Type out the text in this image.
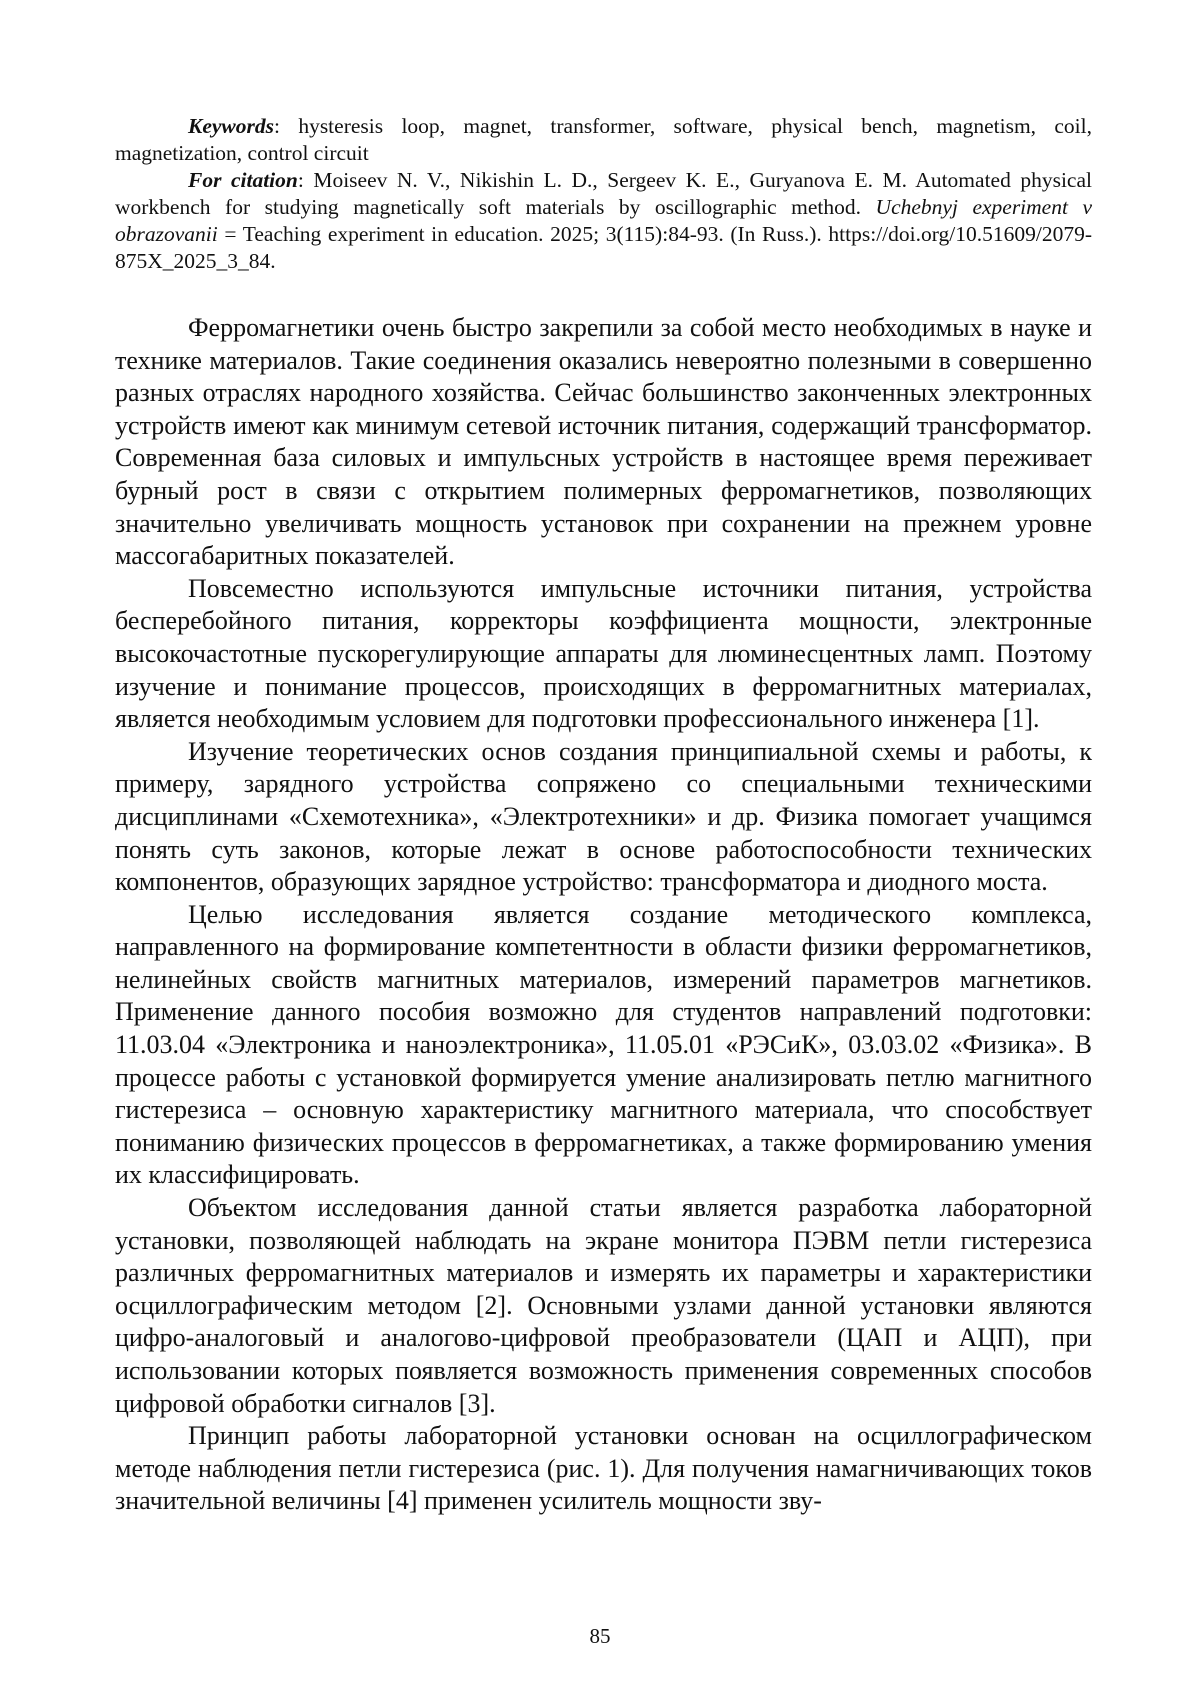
Keywords: hysteresis loop, magnet, transformer, software, physical bench, magnetism, coil, magnetization, control circuit

For citation: Moiseev N. V., Nikishin L. D., Sergeev K. E., Guryanova E. M. Automated physical workbench for studying magnetically soft materials by oscillographic method. Uchebnyj experiment v obrazovanii = Teaching experiment in education. 2025; 3(115):84-93. (In Russ.). https://doi.org/10.51609/2079-875X_2025_3_84.

Ферромагнетики очень быстро закрепили за собой место необходимых в науке и технике материалов. Такие соединения оказались невероятно полезными в совершенно разных отраслях народного хозяйства. Сейчас большинство законченных электронных устройств имеют как минимум сетевой источник питания, содержащий трансформатор. Современная база силовых и импульсных устройств в настоящее время переживает бурный рост в связи с открытием полимерных ферромагнетиков, позволяющих значительно увеличивать мощность установок при сохранении на прежнем уровне массогабаритных показателей.

Повсеместно используются импульсные источники питания, устройства бесперебойного питания, корректоры коэффициента мощности, электронные высокочастотные пускорегулирующие аппараты для люминесцентных ламп. Поэтому изучение и понимание процессов, происходящих в ферромагнитных материалах, является необходимым условием для подготовки профессионального инженера [1].

Изучение теоретических основ создания принципиальной схемы и работы, к примеру, зарядного устройства сопряжено со специальными техническими дисциплинами «Схемотехника», «Электротехники» и др. Физика помогает учащимся понять суть законов, которые лежат в основе работоспособности технических компонентов, образующих зарядное устройство: трансформатора и диодного моста.

Целью исследования является создание методического комплекса, направленного на формирование компетентности в области физики ферромагнетиков, нелинейных свойств магнитных материалов, измерений параметров магнетиков. Применение данного пособия возможно для студентов направлений подготовки: 11.03.04 «Электроника и наноэлектроника», 11.05.01 «РЭСиК», 03.03.02 «Физика». В процессе работы с установкой формируется умение анализировать петлю магнитного гистерезиса – основную характеристику магнитного материала, что способствует пониманию физических процессов в ферромагнетиках, а также формированию умения их классифицировать.

Объектом исследования данной статьи является разработка лабораторной установки, позволяющей наблюдать на экране монитора ПЭВМ петли гистерезиса различных ферромагнитных материалов и измерять их параметры и характеристики осциллографическим методом [2]. Основными узлами данной установки являются цифро-аналоговый и аналогово-цифровой преобразователи (ЦАП и АЦП), при использовании которых появляется возможность применения современных способов цифровой обработки сигналов [3].

Принцип работы лабораторной установки основан на осциллографическом методе наблюдения петли гистерезиса (рис. 1). Для получения намагничивающих токов значительной величины [4] применен усилитель мощности зву-

85
